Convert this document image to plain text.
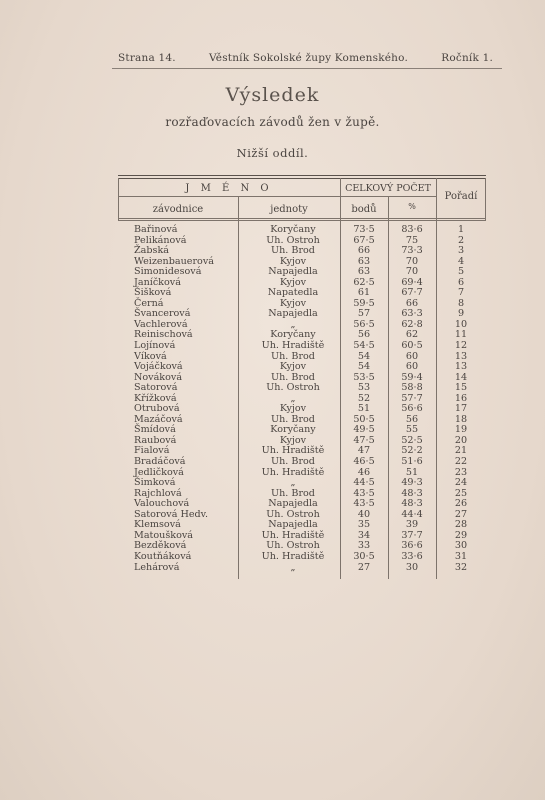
Strana 14.	Věstník Sokolské župy Komenského.	Ročník 1.
Výsledek
rozřaďovacích závodů žen v župě.
Nižší oddíl.
J M É N O	CELKOVÝ POČET
Pořadí
závodnice	jednoty	bodů	%
Bařinová	Koryčany	73·5	83·6	1
Pelikánová	Uh. Ostroh	67·5	75	2
Žabská	Uh. Brod	66	73·3	3
Weizenbauerová	Kyjov	63	70	4
Simonidesová	Napajedla	63	70	5
Janíčková	Kyjov	62·5	69·4	6
Šišková	Napatedla	61	67·7	7
Černá	Kyjov	59·5	66	8
Švancerová	Napajedla	57	63·3	9
Vachlerová	„	56·5	62·8	10
Reinischová	Koryčany	56	62	11
Lojínová	Uh. Hradiště	54·5	60·5	12
Víková	Uh. Brod	54	60	13
Vojáčková	Kyjov	54	60	13
Nováková	Uh. Brod	53·5	59·4	14
Satorová	Uh. Ostroh	53	58·8	15
Křížková	„	52	57·7	16
Otrubová	Kyjov	51	56·6	17
Mazáčová	Uh. Brod	50·5	56	18
Šmídová	Koryčany	49·5	55	19
Raubová	Kyjov	47·5	52·5	20
Fialová	Uh. Hradiště	47	52·2	21
Bradáčová	Uh. Brod	46·5	51·6	22
Jedličková	Uh. Hradiště	46	51	23
Šimková	„	44·5	49·3	24
Rajchlová	Uh. Brod	43·5	48·3	25
Valouchová	Napajedla	43·5	48·3	26
Satorová Hedv.	Uh. Ostroh	40	44·4	27
Klemsová	Napajedla	35	39	28
Matoušková	Uh. Hradiště	34	37·7	29
Bezděková	Uh. Ostroh	33	36·6	30
Koutňáková	Uh. Hradiště	30·5	33·6	31
Lehárová	„	27	30	32
